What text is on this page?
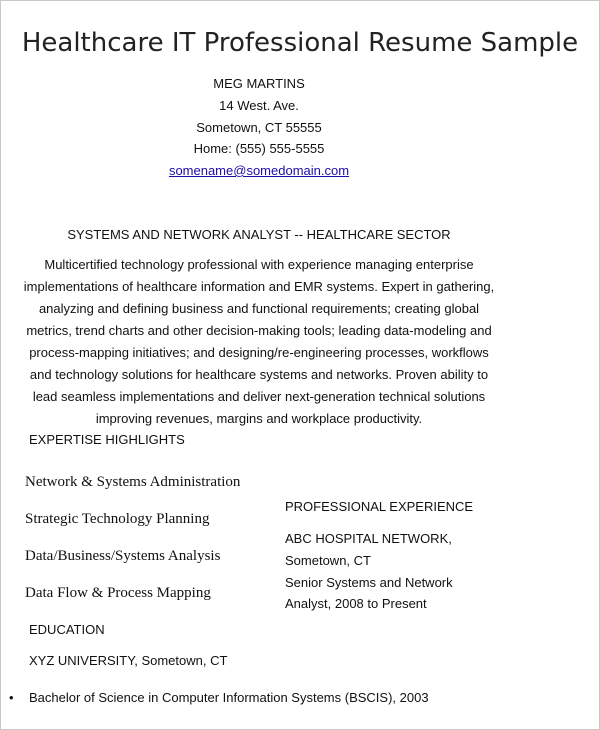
Healthcare IT Professional Resume Sample
MEG MARTINS
14 West. Ave.
Sometown, CT 55555
Home: (555) 555-5555
somename@somedomain.com
SYSTEMS AND NETWORK ANALYST -- HEALTHCARE SECTOR
Multicertified technology professional with experience managing enterprise
implementations of healthcare information and EMR systems. Expert in gathering,
analyzing and defining business and functional requirements; creating global
metrics, trend charts and other decision-making tools; leading data-modeling and
process-mapping initiatives; and designing/re-engineering processes, workflows
and technology solutions for healthcare systems and networks. Proven ability to
lead seamless implementations and deliver next-generation technical solutions
improving revenues, margins and workplace productivity.
EXPERTISE HIGHLIGHTS
Network & Systems Administration
Strategic Technology Planning
Data/Business/Systems Analysis
Data Flow & Process Mapping
PROFESSIONAL EXPERIENCE
ABC HOSPITAL NETWORK,
Sometown, CT
Senior Systems and Network
Analyst, 2008 to Present
EDUCATION
XYZ UNIVERSITY, Sometown, CT
• Bachelor of Science in Computer Information Systems (BSCIS), 2003
